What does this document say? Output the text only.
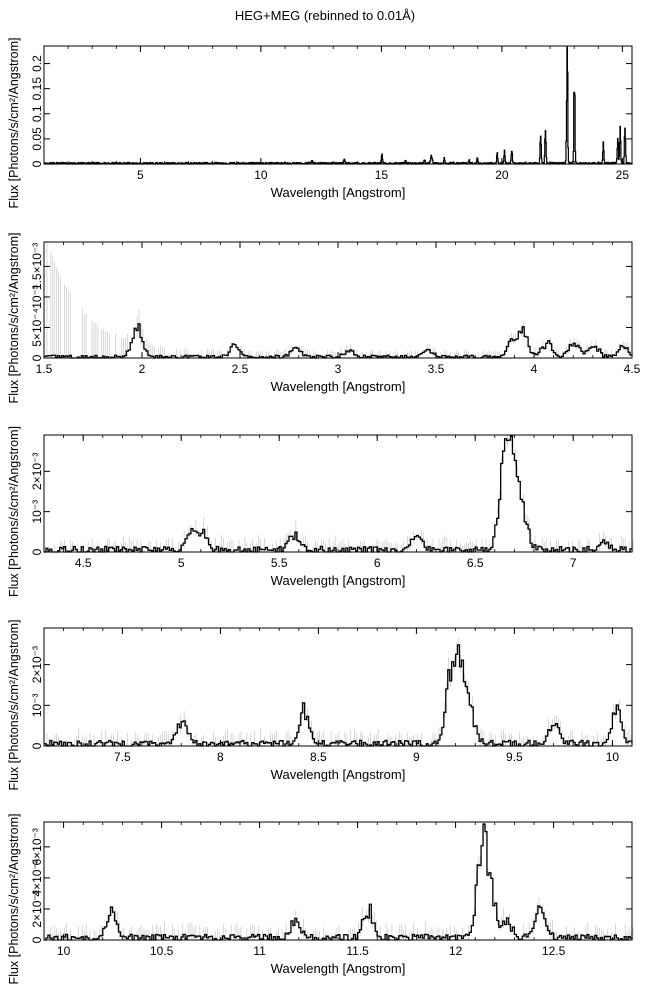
HEG+MEG (rebinned to 0.01Å)
5	10	15	20	25
0
0.05
0.1
0.15
0.2
Wavelength [Angstrom]
Flux [Photons/s/cm²/Angstrom]
1.5	2	2.5	3	3.5	4	4.5
0
5×10⁻⁴
10⁻³
1.5×10⁻³
Wavelength [Angstrom]
Flux [Photons/s/cm²/Angstrom]
4.5	5	5.5	6	6.5	7
0
10⁻³
2×10⁻³
Wavelength [Angstrom]
Flux [Photons/s/cm²/Angstrom]
7.5	8	8.5	9	9.5	10
0
10⁻³
2×10⁻³
Wavelength [Angstrom]
Flux [Photons/s/cm²/Angstrom]
10	10.5	11	11.5	12	12.5
0
2×10⁻³
4×10⁻³
6×10⁻³
Wavelength [Angstrom]
Flux [Photons/s/cm²/Angstrom]
